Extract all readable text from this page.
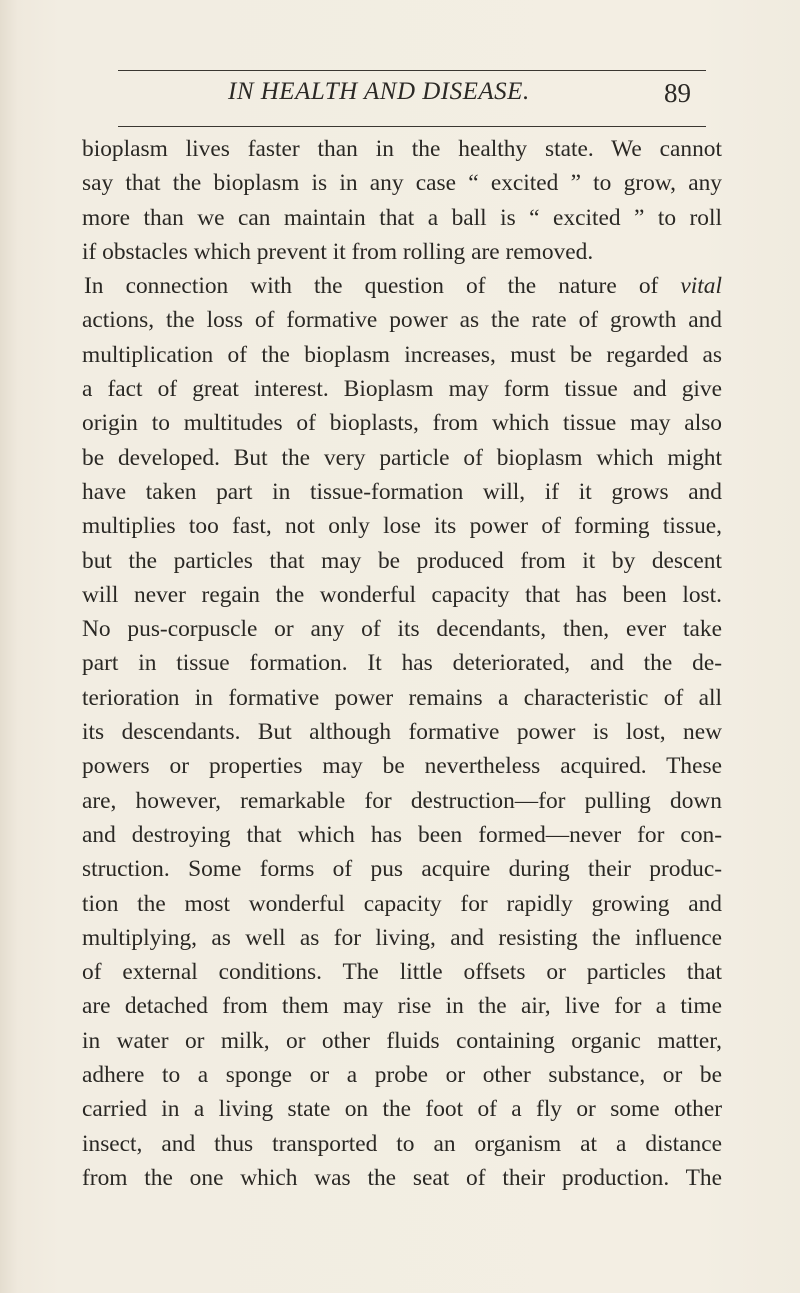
IN HEALTH AND DISEASE.	89
bioplasm lives faster than in the healthy state. We cannot
say that the bioplasm is in any case “ excited ” to grow, any
more than we can maintain that a ball is “ excited ” to roll
if obstacles which prevent it from rolling are removed.
In connection with the question of the nature of vital
actions, the loss of formative power as the rate of growth and
multiplication of the bioplasm increases, must be regarded as
a fact of great interest. Bioplasm may form tissue and give
origin to multitudes of bioplasts, from which tissue may also
be developed. But the very particle of bioplasm which might
have taken part in tissue-formation will, if it grows and
multiplies too fast, not only lose its power of forming tissue,
but the particles that may be produced from it by descent
will never regain the wonderful capacity that has been lost.
No pus-corpuscle or any of its decendants, then, ever take
part in tissue formation. It has deteriorated, and the de-
terioration in formative power remains a characteristic of all
its descendants. But although formative power is lost, new
powers or properties may be nevertheless acquired. These
are, however, remarkable for destruction—for pulling down
and destroying that which has been formed—never for con-
struction. Some forms of pus acquire during their produc-
tion the most wonderful capacity for rapidly growing and
multiplying, as well as for living, and resisting the influence
of external conditions. The little offsets or particles that
are detached from them may rise in the air, live for a time
in water or milk, or other fluids containing organic matter,
adhere to a sponge or a probe or other substance, or be
carried in a living state on the foot of a fly or some other
insect, and thus transported to an organism at a distance
from the one which was the seat of their production. The
